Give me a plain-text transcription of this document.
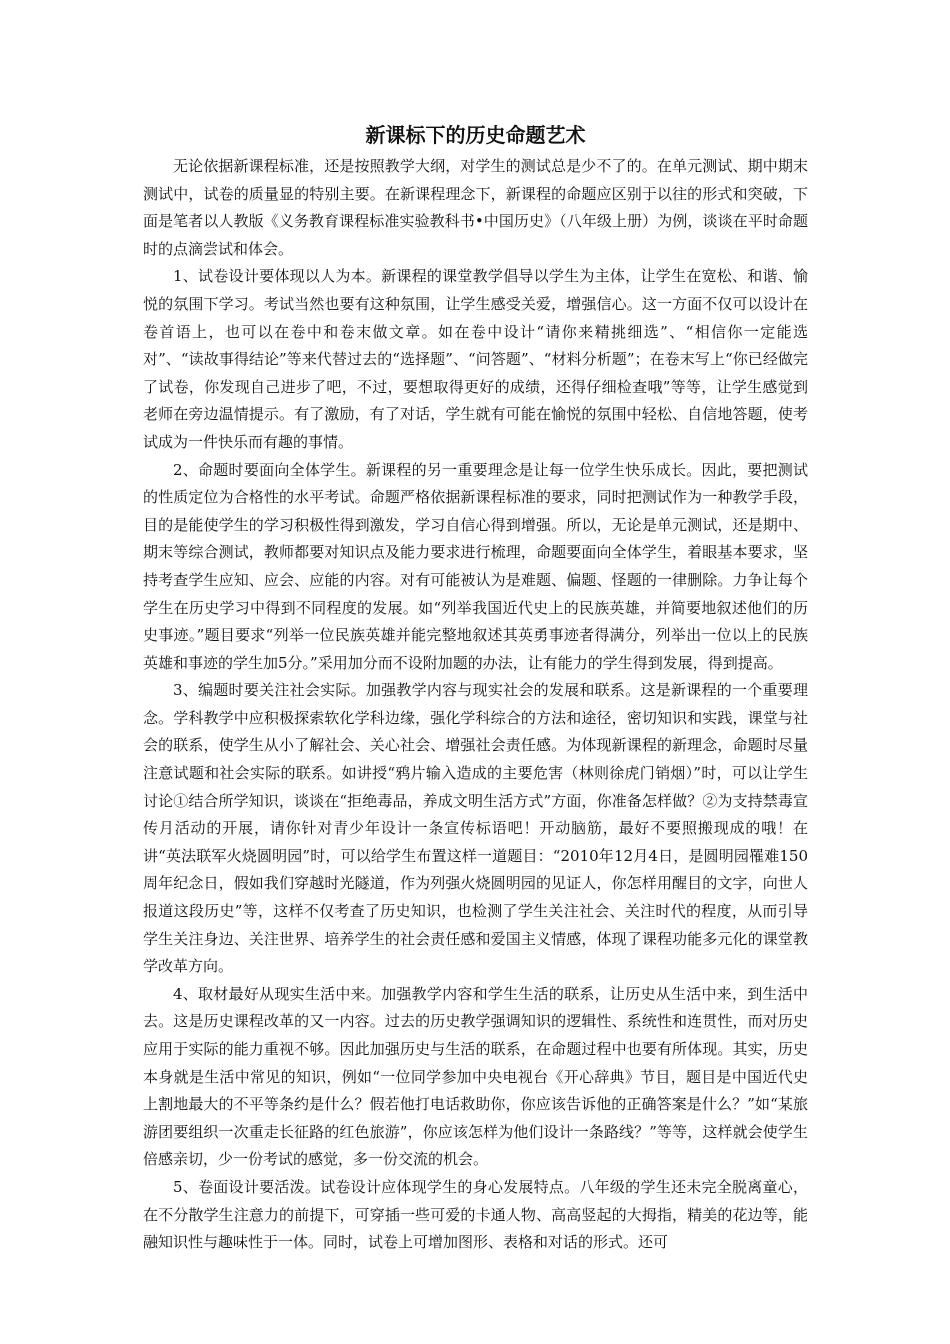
新课标下的历史命题艺术

无论依据新课程标准，还是按照教学大纲，对学生的测试总是少不了的。在单元测试、期中期末测试中，试卷的质量显的特别主要。在新课程理念下，新课程的命题应区别于以往的形式和突破，下面是笔者以人教版《义务教育课程标准实验教科书•中国历史》（八年级上册）为例，谈谈在平时命题时的点滴尝试和体会。

1、试卷设计要体现以人为本。新课程的课堂教学倡导以学生为主体，让学生在宽松、和谐、愉悦的氛围下学习。考试当然也要有这种氛围，让学生感受关爱，增强信心。这一方面不仅可以设计在卷首语上，也可以在卷中和卷末做文章。如在卷中设计“请你来精挑细选”、“相信你一定能选对”、“读故事得结论”等来代替过去的“选择题”、“问答题”、“材料分析题”；在卷末写上“你已经做完了试卷，你发现自己进步了吧，不过，要想取得更好的成绩，还得仔细检查哦”等等，让学生感觉到老师在旁边温情提示。有了激励，有了对话，学生就有可能在愉悦的氛围中轻松、自信地答题，使考试成为一件快乐而有趣的事情。

2、命题时要面向全体学生。新课程的另一重要理念是让每一位学生快乐成长。因此，要把测试的性质定位为合格性的水平考试。命题严格依据新课程标准的要求，同时把测试作为一种教学手段，目的是能使学生的学习积极性得到激发，学习自信心得到增强。所以，无论是单元测试，还是期中、期末等综合测试，教师都要对知识点及能力要求进行梳理，命题要面向全体学生，着眼基本要求，坚持考查学生应知、应会、应能的内容。对有可能被认为是难题、偏题、怪题的一律删除。力争让每个学生在历史学习中得到不同程度的发展。如“列举我国近代史上的民族英雄，并简要地叙述他们的历史事迹。”题目要求“列举一位民族英雄并能完整地叙述其英勇事迹者得满分，列举出一位以上的民族英雄和事迹的学生加5分。”采用加分而不设附加题的办法，让有能力的学生得到发展，得到提高。

3、编题时要关注社会实际。加强教学内容与现实社会的发展和联系。这是新课程的一个重要理念。学科教学中应积极探索软化学科边缘，强化学科综合的方法和途径，密切知识和实践，课堂与社会的联系，使学生从小了解社会、关心社会、增强社会责任感。为体现新课程的新理念，命题时尽量注意试题和社会实际的联系。如讲授“鸦片输入造成的主要危害（林则徐虎门销烟）”时，可以让学生讨论①结合所学知识，谈谈在“拒绝毒品，养成文明生活方式”方面，你准备怎样做？②为支持禁毒宣传月活动的开展，请你针对青少年设计一条宣传标语吧！开动脑筋，最好不要照搬现成的哦！在讲“英法联军火烧圆明园”时，可以给学生布置这样一道题目：“2010年12月4日，是圆明园罹难150周年纪念日，假如我们穿越时光隧道，作为列强火烧圆明园的见证人，你怎样用醒目的文字，向世人报道这段历史”等，这样不仅考查了历史知识，也检测了学生关注社会、关注时代的程度，从而引导学生关注身边、关注世界、培养学生的社会责任感和爱国主义情感，体现了课程功能多元化的课堂教学改革方向。

4、取材最好从现实生活中来。加强教学内容和学生生活的联系，让历史从生活中来，到生活中去。这是历史课程改革的又一内容。过去的历史教学强调知识的逻辑性、系统性和连贯性，而对历史应用于实际的能力重视不够。因此加强历史与生活的联系，在命题过程中也要有所体现。其实，历史本身就是生活中常见的知识，例如“一位同学参加中央电视台《开心辞典》节目，题目是中国近代史上割地最大的不平等条约是什么？假若他打电话救助你，你应该告诉他的正确答案是什么？”如“某旅游团要组织一次重走长征路的红色旅游”，你应该怎样为他们设计一条路线？”等等，这样就会使学生倍感亲切，少一份考试的感觉，多一份交流的机会。

5、卷面设计要活泼。试卷设计应体现学生的身心发展特点。八年级的学生还未完全脱离童心，在不分散学生注意力的前提下，可穿插一些可爱的卡通人物、高高竖起的大拇指，精美的花边等，能融知识性与趣味性于一体。同时，试卷上可增加图形、表格和对话的形式。还可
